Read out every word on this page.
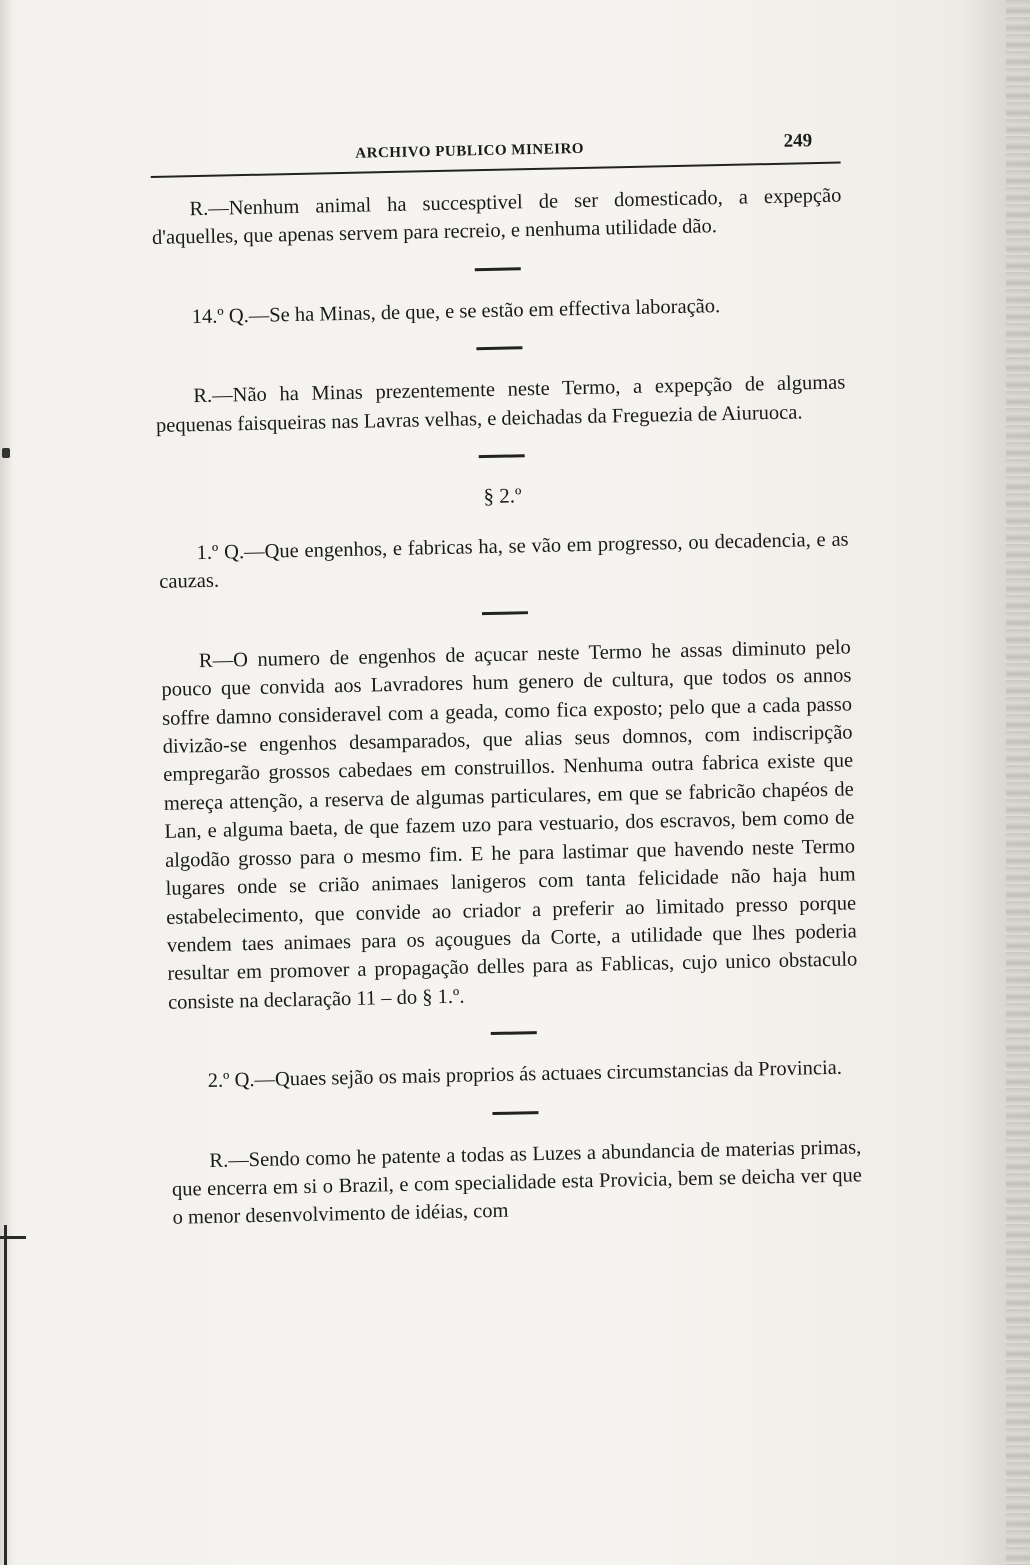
ARCHIVO PUBLICO MINEIRO	249

R.—Nenhum animal ha succesptivel de ser domesticado, a expepção d'aquelles, que apenas servem para recreio, e nenhuma utilidade dão.

14.º Q.—Se ha Minas, de que, e se estão em effectiva laboração.

R.—Não ha Minas prezentemente neste Termo, a expepção de algumas pequenas faisqueiras nas Lavras velhas, e deichadas da Freguezia de Aiuruoca.

§ 2.º

1.º Q.—Que engenhos, e fabricas ha, se vão em progresso, ou decadencia, e as cauzas.

R—O numero de engenhos de açucar neste Termo he assas diminuto pelo pouco que convida aos Lavradores hum genero de cultura, que todos os annos soffre damno consideravel com a geada, como fica exposto; pelo que a cada passo divizão-se engenhos desamparados, que alias seus domnos, com indiscripção empregarão grossos cabedaes em construillos. Nenhuma outra fabrica existe que mereça attenção, a reserva de algumas particulares, em que se fabricão chapéos de Lan, e alguma baeta, de que fazem uzo para vestuario, dos escravos, bem como de algodão grosso para o mesmo fim. E he para lastimar que havendo neste Termo lugares onde se crião animaes lanigeros com tanta felicidade não haja hum estabelecimento, que convide ao criador a preferir ao limitado presso porque vendem taes animaes para os açougues da Corte, a utilidade que lhes poderia resultar em promover a propagação delles para as Fablicas, cujo unico obstaculo consiste na declaração 11 – do § 1.º.

2.º Q.—Quaes sejão os mais proprios ás actuaes circumstancias da Provincia.

R.—Sendo como he patente a todas as Luzes a abundancia de materias primas, que encerra em si o Brazil, e com specialidade esta Provicia, bem se deicha ver que o menor desenvolvimento de idéias, com
